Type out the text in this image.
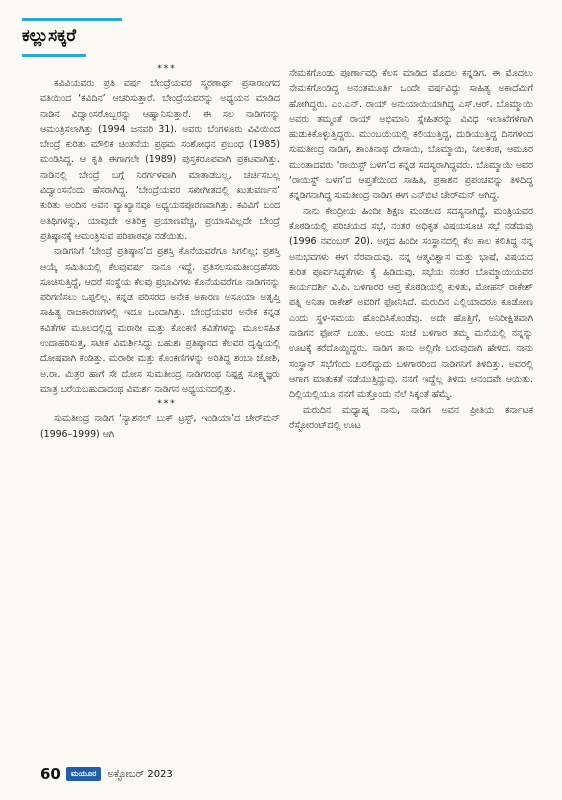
ಕಲ್ಲುಸಕ್ಕರೆ

***

ಕವಿವಿಯವರು ಪ್ರತಿ ವರ್ಷ ಬೇಂದ್ರೆಯವರ ಸ್ಮರಣಾರ್ಥ ಪ್ರಸಾರಾಂಗದ ವತಿಯಿಂದ ‘ಕವಿದಿನ’ ಆಚರಿಸುತ್ತಾರೆ. ಬೇಂದ್ರೆಯವರನ್ನು ಅಧ್ಯಯನ ಮಾಡಿದ ನಾಡಿನ ವಿದ್ವಾಂಸರೊಬ್ಬರನ್ನು ಆಹ್ವಾನಿಸುತ್ತಾರೆ. ಈ ಸಲ ನಾಡಿಗನನ್ನು ಆಮಂತ್ರಿಸಲಾಗಿತ್ತು (1994 ಜನವರಿ 31). ಅವರು ಬೆಂಗಳೂರು ವಿವಿಯಿಂದ ಬೇಂದ್ರೆ ಕುರಿತು ಮೌಲಿಕ ಚಿಂತನೆಯ ಪ್ರಥಮ ಸಂಶೋಧನ ಪ್ರಬಂಧ (1985) ಮಂಡಿಸಿದ್ದ. ಆ ಕೃತಿ ಈಗಾಗಲೇ (1989) ಪುಸ್ತಕರೂಪವಾಗಿ ಪ್ರಕಟವಾಗಿತ್ತು. ನಾಡಿನಲ್ಲಿ ಬೇಂದ್ರೆ ಬಗ್ಗೆ ನಿರರ್ಗಳವಾಗಿ ಮಾತಾಡಬಲ್ಲ, ಚರ್ಚಿಸಬಲ್ಲ ವಿದ್ವಾಂಸನೆಂದು ಹೆಸರಾಗಿದ್ದ. ‘ಬೇಂದ್ರೆಯವರ ಸಖೀಗೀತದಲ್ಲಿ ಖುತುವರ್ಣನ’ ಕುರಿತು ಅಂದಿನ ಅವನ ವ್ಯಾಖ್ಯಾನವೂ ಅಧ್ಯಯನಪೂರಣವಾಗಿತ್ತು. ಕವಿವಿಗೆ ಬಂದ ಅತಿಥಿಗಳನ್ನು, ಯಾವುದೇ ಅತಿರಿಕ್ತ ಪ್ರಯಾಣವೆಚ್ಚ, ಪ್ರಯಾಸವಿಲ್ಲದೇ ಬೇಂದ್ರೆ ಪ್ರತಿಷ್ಠಾನಕ್ಕೆ ಆಮಂತ್ರಿಸುವ ಪರಿಪಾಠವೂ ನಡೆಯಿತು.

ನಾಡಿಗನಿಗೆ ‘ಬೇಂದ್ರೆ ಪ್ರತಿಷ್ಠಾನ’ದ ಪ್ರಶಸ್ತಿ ಕೊನೆಯವರೆಗೂ ಸಿಗಲಿಲ್ಲ; ಪ್ರಶಸ್ತಿ ಆಯ್ಕೆ ಸಮಿತಿಯಲ್ಲಿ ಕೆಲವುವರ್ಷ ನಾನೂ ಇದ್ದೆ. ಪ್ರತಿಸಲಸುಮತೀಂದ್ರಹೆಸರು ಸೂಚಿಸುತ್ತಿದ್ದೆ, ಆದರೆ ಸಂಸ್ಥೆಯ ಕೆಲವು ಪ್ರಭಾವಿಗಳು ಕೊನೆಯವರೆಗೂ ನಾಡಿಗನನ್ನು ಪರಿಗಣಿಸಲು ಒಪ್ಪಲಿಲ್ಲ. ಕನ್ನಡ ಪರಿಸರದ ಅನೇಕ ಅಕಾರಣ ಅಸೂಯಾ ಅತೃಪ್ತಿ ಸಾಹಿತ್ಯ ರಾಜಕಾರಣಗಳಲ್ಲಿ ಇದೂ ಒಂದಾಗಿತ್ತು. ಬೇಂದ್ರೆಯವರ ಅನೇಕ ಕನ್ನಡ ಕವಿತೆಗಳ ಮೂಲದಲ್ಲಿದ್ದ ಮರಾಠೀ ಮತ್ತು ಕೊಂಕಣಿ ಕವಿತೆಗಳನ್ನು ಮೂಲಸಹಿತ ಉದಾಹರಿಸುತ್ತ, ಸಟೀಕ ವಿಮರ್ಶಿಸಿದ್ದು ಬಹುಶಃ ಪ್ರತಿಷ್ಠಾನದ ಕೆಲವರ ದೃಷ್ಟಿಯಲ್ಲಿ ದೋಷವಾಗಿ ಕಂಡಿತ್ತು. ಮರಾಠೀ ಮತ್ತು ಕೊಂಕಣಿಗಳನ್ನು ಅರಿತಿದ್ದ ಶಂಬಾ ಜೋಶಿ, ಅ.ರಾ. ಮಿತ್ರರ ಹಾಗೆ ಸೇ ದೋಸ ಸುಮತೀಂದ್ರ ನಾಡಿಗರಂಥ ನಿಷ್ಪಕ್ಷ ಸೂಕ್ಷ್ಮಜ್ಞರು ಮಾತ್ರ ಬರೆಯಬಹುದಾದಂಥ ವಿಮರ್ಶ ನಾಡಿಗನ ಅಧ್ಯಯನದಲ್ಲಿತ್ತು.

***

ಸುಮತೀಂದ್ರ ನಾಡಿಗ ‘ನ್ಯಾಶನಲ್ ಬುಕ್ ಟ್ರಸ್ಟ್, ಇಂಡಿಯಾ’ದ ಚೇರ್‌ಮನ್ (1996–1999) ಆಗಿ

ನೇಮಕಗೊಂಡು ಪೂರ್ಣಾವಧಿ ಕೆಲಸ ಮಾಡಿದ ಮೊದಲ ಕನ್ನಡಿಗ. ಈ ಮೊದಲು ನೇಮಕಗೊಂಡಿದ್ದ ಅನಂತಮೂರ್ತಿ ಒಂದೇ ವರ್ಷವಿದ್ದು ಸಾಹಿತ್ಯ ಅಕಾದೆಮಿಗೆ ಹೋಗಿದ್ದರು. ಎಂ.ಎನ್. ರಾಯ್ ಅನುಯಾಯಿಯಾಗಿದ್ದ ಎಸ್.ಆರ್. ಬೊಮ್ಮಾಯಿ ಅವರು ತಮ್ಮಂತೆ ರಾಯ್ ಅಭಿಮಾನಿ ಸ್ನೇಹಿತರನ್ನು ವಿವಿಧ ಇಲಾಖೆಗಳಿಗಾಗಿ ಹುಡುಕಿಕೊಳ್ಳುತ್ತಿದ್ದರು. ಮುಂಬಯಿಯಲ್ಲಿ ಕಲಿಯುತ್ತಿದ್ದ, ದುಡಿಯುತ್ತಿದ್ದ ದಿನಗಳಿಂದ ಸುಮತೀಂದ್ರ ನಾಡಿಗ, ಶಾಂತಿನಾಥ ದೇಸಾಯಿ, ಬೊಮ್ಮಾಯಿ, ನೀಲಕಂಠ, ಆಮೂರ ಮುಂತಾದವರು ‘ರಾಯಿಸ್ಟ್ ಬಳಗ’ದ ಕನ್ನಡ ಸದಸ್ಯರಾಗಿದ್ದವರು. ಬೊಮ್ಮಾಯಿ ಅವರ ‘ರಾಯಿಸ್ಟ್ ಬಳಗ’ದ ಆಪ್ತತೆಯಿಂದ ಸಾಹಿತಿ, ಪ್ರಕಾಶನ ಪ್ರಪಂಚವನ್ನು ತಿಳಿದಿದ್ದ ಕನ್ನಡಿಗನಾಗಿದ್ದ ಸುಮತೀಂದ್ರ ನಾಡಿಗ ಈಗ ಎನ್‌ಬಿಟಿ ಚೇರ್‌ಮನ್ ಆಗಿದ್ದ.

ನಾನು ಕೇಂದ್ರೀಯ ಹಿಂದೀ ಶಿಕ್ಷಣ ಮಂಡಲದ ಸದಸ್ಯನಾಗಿದ್ದೆ, ಮಂತ್ರಿಯವರ ಕೊಠಡಿಯಲ್ಲಿ ಪರಿಚಯದ ಸಭೆ, ನಂತರ ಅಧಿಕೃತ ವಿಷಯಸೂಚಿ ಸಭೆ ನಡೆದುವು (1996 ನವಂಬರ್ 20). ಅಗ್ಗದ ಹಿಂದೀ ಸಂಸ್ಥಾನದಲ್ಲಿ ಕೆಲ ಕಾಲ ಕಲಿತಿದ್ದ ನನ್ನ ಅನುಭವಗಳು ಈಗ ನೆರವಾದುವು. ನನ್ನ ಆತ್ಮವಿಶ್ವಾಸ ಮತ್ತು ಭಾಷೆ, ವಿಷಯದ ಕುರಿತ ಪೂರ್ವಸಿದ್ಧತೆಗಳು ಕೈ ಹಿಡಿದುವು. ಸಭೆಯ ನಂತರ ಬೊಮ್ಮಾಯಿಯವರ ಕಾರ್ಯದರ್ಶಿ ವಿ.ಪಿ. ಬಳಿಗಾರರ ಆಪ್ತ ಕೊಠಡಿಯಲ್ಲಿ ಕುಳಿತು, ಮೋಹನ್ ರಾಕೇಶ್ ಪತ್ನಿ ಅನಿತಾ ರಾಕೇಶ್ ಅವರಿಗೆ ಫೋನಿಸಿದೆ. ಮರುದಿನ ಎಲ್ಲಿಯಾದರೂ ಕೂಡೋಣ ಎಂದು ಸ್ಥಳ-ಸಮಯ ಹೊಂದಿಸಿಕೊಂಡೆವು. ಅದೇ ಹೊತ್ತಿಗೆ, ಅನಿರೀಕ್ಷಿತವಾಗಿ ನಾಡಿಗನ ಫೋನ್ ಬಂತು. ಅಂದು ಸಂಜೆ ಬಳಿಗಾರ ತಮ್ಮ ಮನೆಯಲ್ಲಿ ನನ್ನನ್ನು ಊಟಕ್ಕೆ ಕರೆದೊಯ್ದಿದ್ದರು. ನಾಡಿಗ ತಾನು ಅಲ್ಲಿಗೇ ಬರುವುದಾಗಿ ಹೇಳಿದ. ನಾನು ಸಂಸ್ಥಾನ್ ಸಭೆಗೆಂದು ಬರಲಿದ್ದುದು ಬಳಿಗಾರರಿಂದ ನಾಡಿಗನಿಗೆ ತಿಳಿದಿತ್ತು. ಅವರಲ್ಲಿ ಆಗಾಗ ಮಾತುಕತೆ ನಡೆಯುತ್ತಿದ್ದುವು. ನನಗೆ ಇದ್ದೆಲ್ಲ ತಿಳಿದು ಆನಂದವೇ ಆಯಿತು. ದಿಲ್ಲಿಯಲ್ಲಿಯೂ ನನಗೆ ಮತ್ತೊಂದು ನೆಲೆ ಸಿಕ್ಕಂತೆ ಹೆಮ್ಮೆ.

ಮರುದಿನ ಮಧ್ಯಾಹ್ನ ನಾನು, ನಾಡಿಗ ಅವನ ಪ್ರೀತಿಯ ಕರ್ನಾಟಕ ರೆಸ್ಟೋರಂಟ್‌ದಲ್ಲಿ ಊಟ

60	ಮಯೂರ	ಅಕ್ಟೋಬರ್ 2023
